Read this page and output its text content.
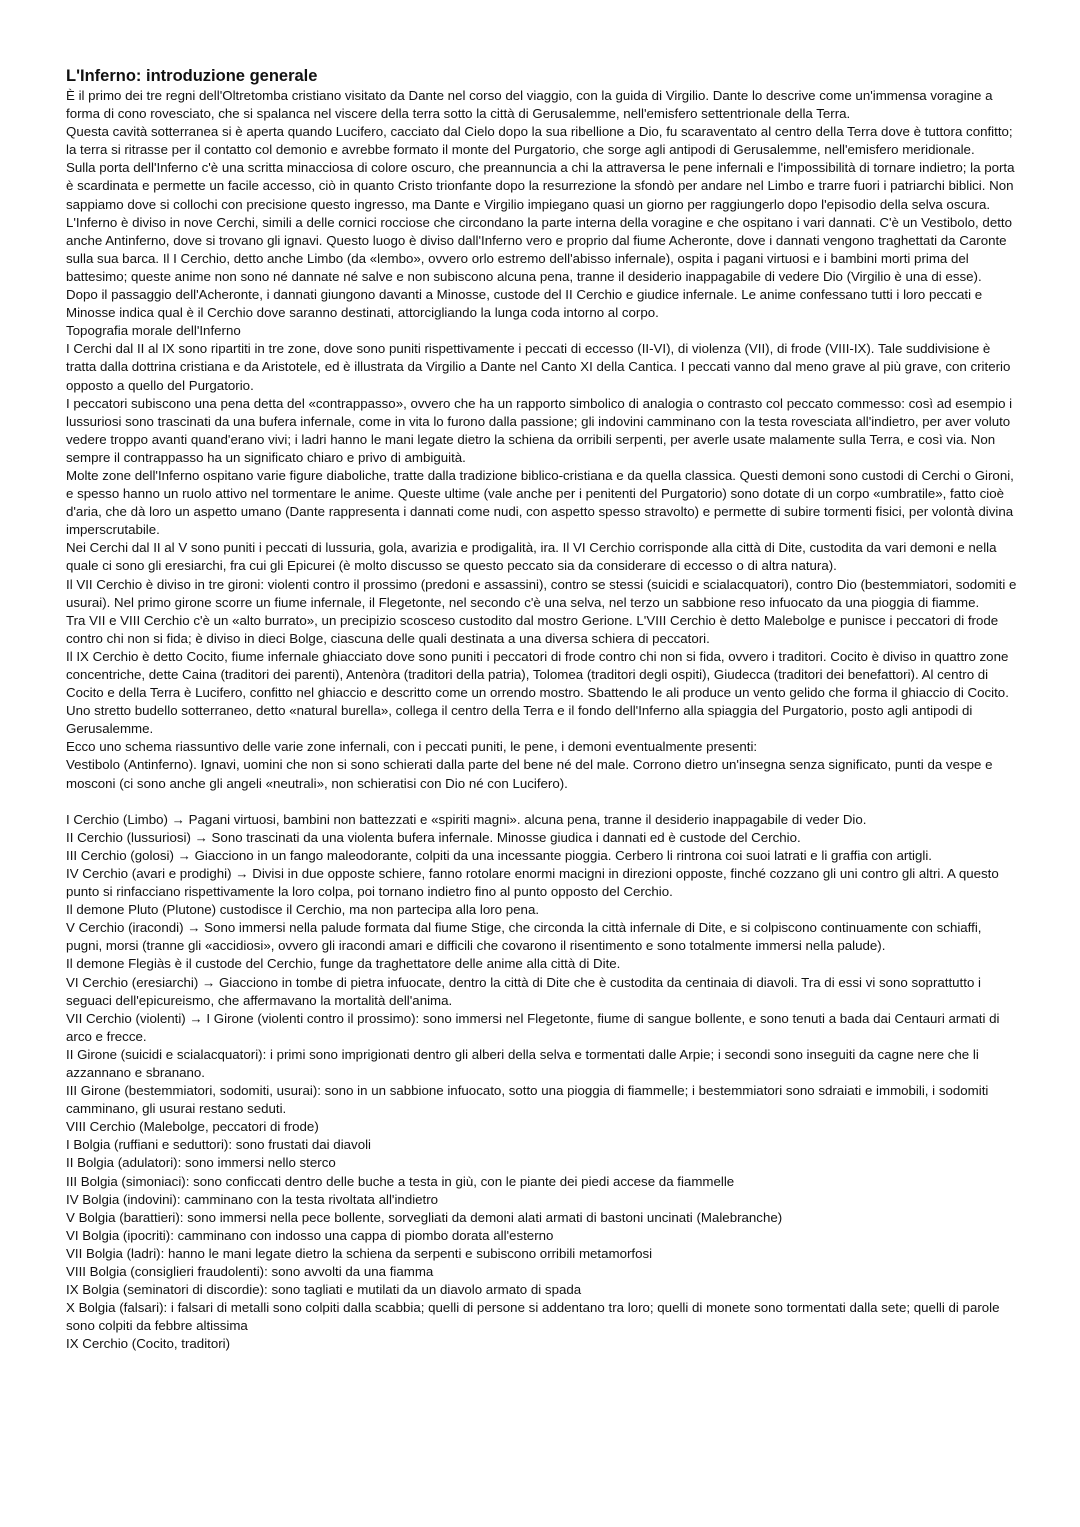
L'Inferno: introduzione generale

È il primo dei tre regni dell'Oltretomba cristiano visitato da Dante nel corso del viaggio, con la guida di Virgilio. Dante lo descrive come un'immensa voragine a forma di cono rovesciato, che si spalanca nel viscere della terra sotto la città di Gerusalemme, nell'emisfero settentrionale della Terra.

Questa cavità sotterranea si è aperta quando Lucifero, cacciato dal Cielo dopo la sua ribellione a Dio, fu scaraventato al centro della Terra dove è tuttora confitto; la terra si ritrasse per il contatto col demonio e avrebbe formato il monte del Purgatorio, che sorge agli antipodi di Gerusalemme, nell'emisfero meridionale.

Sulla porta dell'Inferno c'è una scritta minacciosa di colore oscuro, che preannuncia a chi la attraversa le pene infernali e l'impossibilità di tornare indietro; la porta è scardinata e permette un facile accesso, ciò in quanto Cristo trionfante dopo la resurrezione la sfondò per andare nel Limbo e trarre fuori i patriarchi biblici. Non sappiamo dove si collochi con precisione questo ingresso, ma Dante e Virgilio impiegano quasi un giorno per raggiungerlo dopo l'episodio della selva oscura.

L'Inferno è diviso in nove Cerchi, simili a delle cornici rocciose che circondano la parte interna della voragine e che ospitano i vari dannati. C'è un Vestibolo, detto anche Antinferno, dove si trovano gli ignavi. Questo luogo è diviso dall'Inferno vero e proprio dal fiume Acheronte, dove i dannati vengono traghettati da Caronte sulla sua barca. Il I Cerchio, detto anche Limbo (da «lembo», ovvero orlo estremo dell'abisso infernale), ospita i pagani virtuosi e i bambini morti prima del battesimo; queste anime non sono né dannate né salve e non subiscono alcuna pena, tranne il desiderio inappagabile di vedere Dio (Virgilio è una di esse).

Dopo il passaggio dell'Acheronte, i dannati giungono davanti a Minosse, custode del II Cerchio e giudice infernale. Le anime confessano tutti i loro peccati e Minosse indica qual è il Cerchio dove saranno destinati, attorcigliando la lunga coda intorno al corpo.

Topografia morale dell'Inferno

I Cerchi dal II al IX sono ripartiti in tre zone, dove sono puniti rispettivamente i peccati di eccesso (II-VI), di violenza (VII), di frode (VIII-IX). Tale suddivisione è tratta dalla dottrina cristiana e da Aristotele, ed è illustrata da Virgilio a Dante nel Canto XI della Cantica. I peccati vanno dal meno grave al più grave, con criterio opposto a quello del Purgatorio.

I peccatori subiscono una pena detta del «contrappasso», ovvero che ha un rapporto simbolico di analogia o contrasto col peccato commesso: così ad esempio i lussuriosi sono trascinati da una bufera infernale, come in vita lo furono dalla passione; gli indovini camminano con la testa rovesciata all'indietro, per aver voluto vedere troppo avanti quand'erano vivi; i ladri hanno le mani legate dietro la schiena da orribili serpenti, per averle usate malamente sulla Terra, e così via. Non sempre il contrappasso ha un significato chiaro e privo di ambiguità.

Molte zone dell'Inferno ospitano varie figure diaboliche, tratte dalla tradizione biblico-cristiana e da quella classica. Questi demoni sono custodi di Cerchi o Gironi, e spesso hanno un ruolo attivo nel tormentare le anime. Queste ultime (vale anche per i penitenti del Purgatorio) sono dotate di un corpo «umbratile», fatto cioè d'aria, che dà loro un aspetto umano (Dante rappresenta i dannati come nudi, con aspetto spesso stravolto) e permette di subire tormenti fisici, per volontà divina imperscrutabile.

Nei Cerchi dal II al V sono puniti i peccati di lussuria, gola, avarizia e prodigalità, ira. Il VI Cerchio corrisponde alla città di Dite, custodita da vari demoni e nella quale ci sono gli eresiarchi, fra cui gli Epicurei (è molto discusso se questo peccato sia da considerare di eccesso o di altra natura).

Il VII Cerchio è diviso in tre gironi: violenti contro il prossimo (predoni e assassini), contro se stessi (suicidi e scialacquatori), contro Dio (bestemmiatori, sodomiti e usurai). Nel primo girone scorre un fiume infernale, il Flegetonte, nel secondo c'è una selva, nel terzo un sabbione reso infuocato da una pioggia di fiamme.

Tra VII e VIII Cerchio c'è un «alto burrato», un precipizio scosceso custodito dal mostro Gerione. L'VIII Cerchio è detto Malebolge e punisce i peccatori di frode contro chi non si fida; è diviso in dieci Bolge, ciascuna delle quali destinata a una diversa schiera di peccatori.

Il IX Cerchio è detto Cocito, fiume infernale ghiacciato dove sono puniti i peccatori di frode contro chi non si fida, ovvero i traditori. Cocito è diviso in quattro zone concentriche, dette Caina (traditori dei parenti), Antenòra (traditori della patria), Tolomea (traditori degli ospiti), Giudecca (traditori dei benefattori). Al centro di Cocito e della Terra è Lucifero, confitto nel ghiaccio e descritto come un orrendo mostro. Sbattendo le ali produce un vento gelido che forma il ghiaccio di Cocito. Uno stretto budello sotterraneo, detto «natural burella», collega il centro della Terra e il fondo dell'Inferno alla spiaggia del Purgatorio, posto agli antipodi di Gerusalemme.

Ecco uno schema riassuntivo delle varie zone infernali, con i peccati puniti, le pene, i demoni eventualmente presenti:

Vestibolo (Antinferno). Ignavi, uomini che non si sono schierati dalla parte del bene né del male. Corrono dietro un'insegna senza significato, punti da vespe e mosconi (ci sono anche gli angeli «neutrali», non schieratisi con Dio né con Lucifero).

I Cerchio (Limbo) → Pagani virtuosi, bambini non battezzati e «spiriti magni». alcuna pena, tranne il desiderio inappagabile di veder Dio.

II Cerchio (lussuriosi) → Sono trascinati da una violenta bufera infernale. Minosse giudica i dannati ed è custode del Cerchio.

III Cerchio (golosi) → Giacciono in un fango maleodorante, colpiti da una incessante pioggia. Cerbero li rintrona coi suoi latrati e li graffia con artigli.

IV Cerchio (avari e prodighi) → Divisi in due opposte schiere, fanno rotolare enormi macigni in direzioni opposte, finché cozzano gli uni contro gli altri. A questo punto si rinfacciano rispettivamente la loro colpa, poi tornano indietro fino al punto opposto del Cerchio.

Il demone Pluto (Plutone) custodisce il Cerchio, ma non partecipa alla loro pena.

V Cerchio (iracondi) → Sono immersi nella palude formata dal fiume Stige, che circonda la città infernale di Dite, e si colpiscono continuamente con schiaffi, pugni, morsi (tranne gli «accidiosi», ovvero gli iracondi amari e difficili che covarono il risentimento e sono totalmente immersi nella palude).

Il demone Flegiàs è il custode del Cerchio, funge da traghettatore delle anime alla città di Dite.

VI Cerchio (eresiarchi) → Giacciono in tombe di pietra infuocate, dentro la città di Dite che è custodita da centinaia di diavoli. Tra di essi vi sono soprattutto i seguaci dell'epicureismo, che affermavano la mortalità dell'anima.

VII Cerchio (violenti) → I Girone (violenti contro il prossimo): sono immersi nel Flegetonte, fiume di sangue bollente, e sono tenuti a bada dai Centauri armati di arco e frecce.

II Girone (suicidi e scialacquatori): i primi sono imprigionati dentro gli alberi della selva e tormentati dalle Arpie; i secondi sono inseguiti da cagne nere che li azzannano e sbranano.

III Girone (bestemmiatori, sodomiti, usurai): sono in un sabbione infuocato, sotto una pioggia di fiammelle; i bestemmiatori sono sdraiati e immobili, i sodomiti camminano, gli usurai restano seduti.

VIII Cerchio (Malebolge, peccatori di frode)

I Bolgia (ruffiani e seduttori): sono frustati dai diavoli

II Bolgia (adulatori): sono immersi nello sterco

III Bolgia (simoniaci): sono conficcati dentro delle buche a testa in giù, con le piante dei piedi accese da fiammelle

IV Bolgia (indovini): camminano con la testa rivoltata all'indietro

V Bolgia (barattieri): sono immersi nella pece bollente, sorvegliati da demoni alati armati di bastoni uncinati (Malebranche)

VI Bolgia (ipocriti): camminano con indosso una cappa di piombo dorata all'esterno

VII Bolgia (ladri): hanno le mani legate dietro la schiena da serpenti e subiscono orribili metamorfosi

VIII Bolgia (consiglieri fraudolenti): sono avvolti da una fiamma

IX Bolgia (seminatori di discordie): sono tagliati e mutilati da un diavolo armato di spada

X Bolgia (falsari): i falsari di metalli sono colpiti dalla scabbia; quelli di persone si addentano tra loro; quelli di monete sono tormentati dalla sete; quelli di parole sono colpiti da febbre altissima

IX Cerchio (Cocito, traditori)
